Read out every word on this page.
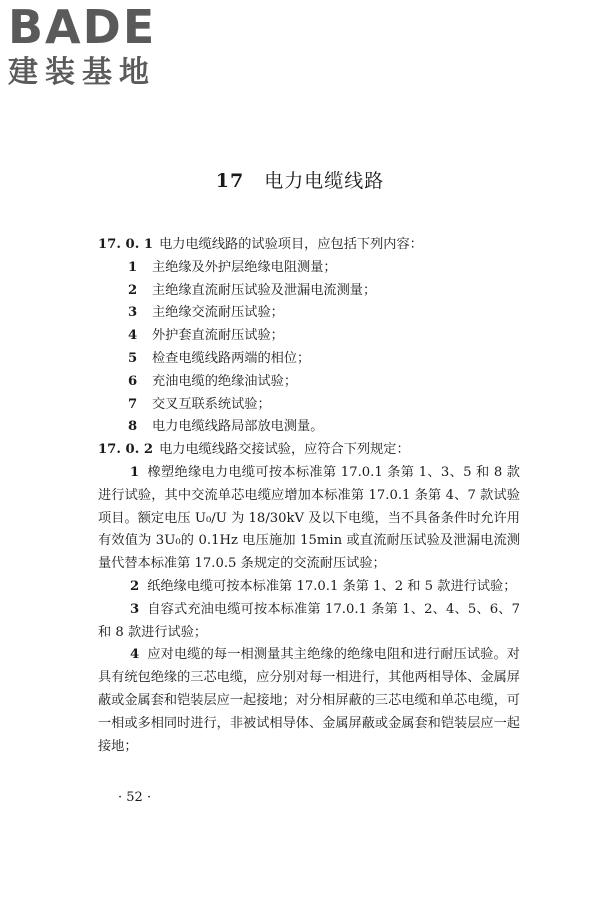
BADE
建装基地
17 电力电缆线路
17. 0. 1 电力电缆线路的试验项目，应包括下列内容：
1 主绝缘及外护层绝缘电阻测量；
2 主绝缘直流耐压试验及泄漏电流测量；
3 主绝缘交流耐压试验；
4 外护套直流耐压试验；
5 检查电缆线路两端的相位；
6 充油电缆的绝缘油试验；
7 交叉互联系统试验；
8 电力电缆线路局部放电测量。
17. 0. 2 电力电缆线路交接试验，应符合下列规定：
1 橡塑绝缘电力电缆可按本标准第 17.0.1 条第 1、3、5 和 8 款进行试验，其中交流单芯电缆应增加本标准第 17.0.1 条第 4、7 款试验项目。额定电压 U₀/U 为 18/30kV 及以下电缆，当不具备条件时允许用有效值为 3U₀的 0.1Hz 电压施加 15min 或直流耐压试验及泄漏电流测量代替本标准第 17.0.5 条规定的交流耐压试验；
2 纸绝缘电缆可按本标准第 17.0.1 条第 1、2 和 5 款进行试验；
3 自容式充油电缆可按本标准第 17.0.1 条第 1、2、4、5、6、7 和 8 款进行试验；
4 应对电缆的每一相测量其主绝缘的绝缘电阻和进行耐压试验。对具有统包绝缘的三芯电缆，应分别对每一相进行，其他两相导体、金属屏蔽或金属套和铠装层应一起接地；对分相屏蔽的三芯电缆和单芯电缆，可一相或多相同时进行，非被试相导体、金属屏蔽或金属套和铠装层应一起接地；
· 52 ·
